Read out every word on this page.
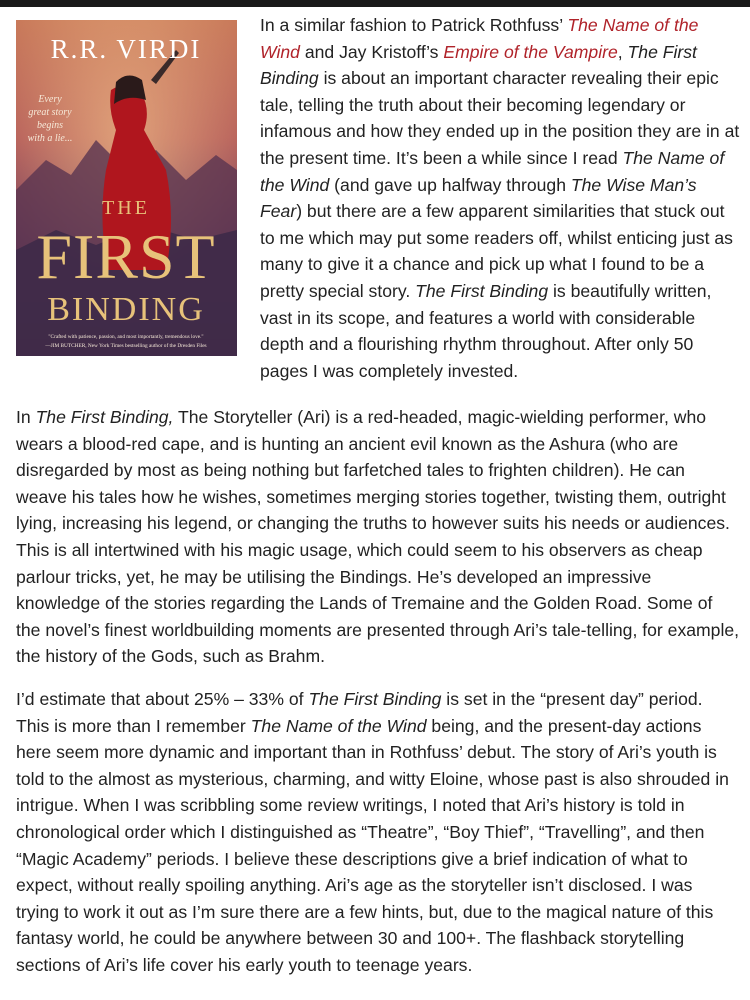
R.R. VIRDI
Every
great story
begins
with a lie...
THE
FIRST
BINDING
"Crafted with patience, passion, and most importantly, tremendous love."
—JIM BUTCHER, New York Times bestselling author of the Dresden Files

In a similar fashion to Patrick Rothfuss’ The Name of the Wind and Jay Kristoff’s Empire of the Vampire, The First Binding is about an important character revealing their epic tale, telling the truth about their becoming legendary or infamous and how they ended up in the position they are in at the present time. It’s been a while since I read The Name of the Wind (and gave up halfway through The Wise Man’s Fear) but there are a few apparent similarities that stuck out to me which may put some readers off, whilst enticing just as many to give it a chance and pick up what I found to be a pretty special story. The First Binding is beautifully written, vast in its scope, and features a world with considerable depth and a flourishing rhythm throughout. After only 50 pages I was completely invested.

In The First Binding, The Storyteller (Ari) is a red-headed, magic-wielding performer, who wears a blood-red cape, and is hunting an ancient evil known as the Ashura (who are disregarded by most as being nothing but farfetched tales to frighten children). He can weave his tales how he wishes, sometimes merging stories together, twisting them, outright lying, increasing his legend, or changing the truths to however suits his needs or audiences. This is all intertwined with his magic usage, which could seem to his observers as cheap parlour tricks, yet, he may be utilising the Bindings. He’s developed an impressive knowledge of the stories regarding the Lands of Tremaine and the Golden Road. Some of the novel’s finest worldbuilding moments are presented through Ari’s tale-telling, for example, the history of the Gods, such as Brahm.

I’d estimate that about 25% – 33% of The First Binding is set in the “present day” period. This is more than I remember The Name of the Wind being, and the present-day actions here seem more dynamic and important than in Rothfuss’ debut. The story of Ari’s youth is told to the almost as mysterious, charming, and witty Eloine, whose past is also shrouded in intrigue. When I was scribbling some review writings, I noted that Ari’s history is told in chronological order which I distinguished as “Theatre”, “Boy Thief”, “Travelling”, and then “Magic Academy” periods. I believe these descriptions give a brief indication of what to expect, without really spoiling anything. Ari’s age as the storyteller isn’t disclosed. I was trying to work it out as I’m sure there are a few hints, but, due to the magical nature of this fantasy world, he could be anywhere between 30 and 100+. The flashback storytelling sections of Ari’s life cover his early youth to teenage years.
